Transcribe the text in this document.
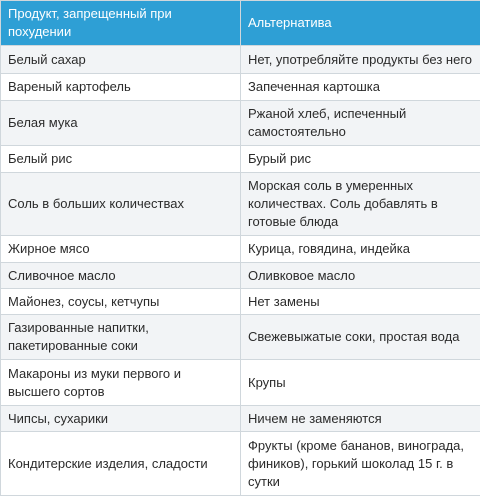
Продукт, запрещенный при похудении	Альтернатива
Белый сахар	Нет, употребляйте продукты без него
Вареный картофель	Запеченная картошка
Белая мука	Ржаной хлеб, испеченный самостоятельно
Белый рис	Бурый рис
Соль в больших количествах	Морская соль в умеренных количествах. Соль добавлять в готовые блюда
Жирное мясо	Курица, говядина, индейка
Сливочное масло	Оливковое масло
Майонез, соусы, кетчупы	Нет замены
Газированные напитки, пакетированные соки	Свежевыжатые соки, простая вода
Макароны из муки первого и высшего сортов	Крупы
Чипсы, сухарики	Ничем не заменяются
Кондитерские изделия, сладости	Фрукты (кроме бананов, винограда, фиников), горький шоколад 15 г. в сутки
